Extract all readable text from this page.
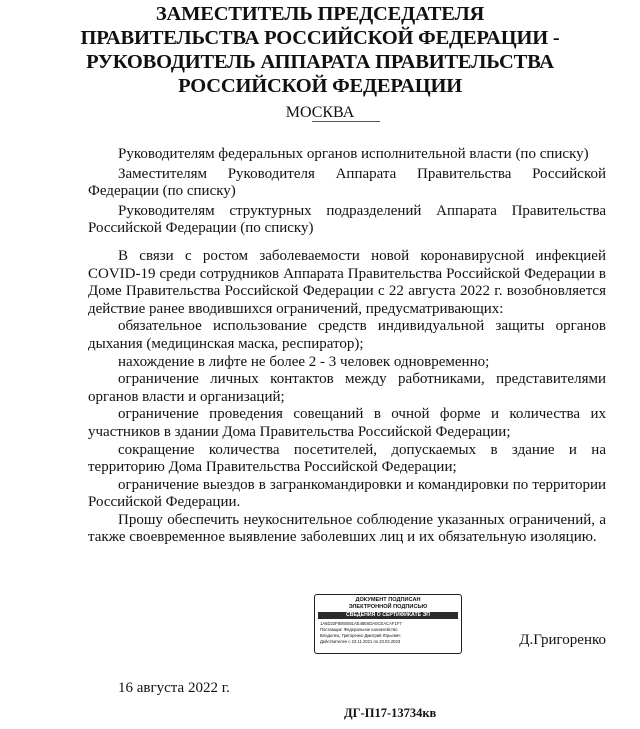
ЗАМЕСТИТЕЛЬ ПРЕДСЕДАТЕЛЯ
ПРАВИТЕЛЬСТВА РОССИЙСКОЙ ФЕДЕРАЦИИ -
РУКОВОДИТЕЛЬ АППАРАТА ПРАВИТЕЛЬСТВА
РОССИЙСКОЙ ФЕДЕРАЦИИ
МОСКВА
Руководителям федеральных органов исполнительной власти (по списку)
Заместителям Руководителя Аппарата Правительства Российской Федерации (по списку)
Руководителям структурных подразделений Аппарата Правительства Российской Федерации (по списку)
В связи с ростом заболеваемости новой коронавирусной инфекцией COVID-19 среди сотрудников Аппарата Правительства Российской Федерации в Доме Правительства Российской Федерации с 22 августа 2022 г. возобновляется действие ранее вводившихся ограничений, предусматривающих:
обязательное использование средств индивидуальной защиты органов дыхания (медицинская маска, респиратор);
нахождение в лифте не более 2 - 3 человек одновременно;
ограничение личных контактов между работниками, представителями органов власти и организаций;
ограничение проведения совещаний в очной форме и количества их участников в здании Дома Правительства Российской Федерации;
сокращение количества посетителей, допускаемых в здание и на территорию Дома Правительства Российской Федерации;
ограничение выездов в загранкомандировки и командировки по территории Российской Федерации.
Прошу обеспечить неукоснительное соблюдение указанных ограничений, а также своевременное выявление заболевших лиц и их обязательную изоляцию.
ДОКУМЕНТ ПОДПИСАН
ЭЛЕКТРОННОЙ ПОДПИСЬЮ
СВЕДЕНИЯ О СЕРТИФИКАТЕ ЭП
1A6D23F8060081AE48E6DA0CEACAF1F7
Поставщик: Федеральное казначейство
Владелец: Григоренко Дмитрий Юрьевич
Действителен с 23.11.2021 по 23.02.2023	Д.Григоренко
16 августа 2022 г.
ДГ-П17-13734кв
